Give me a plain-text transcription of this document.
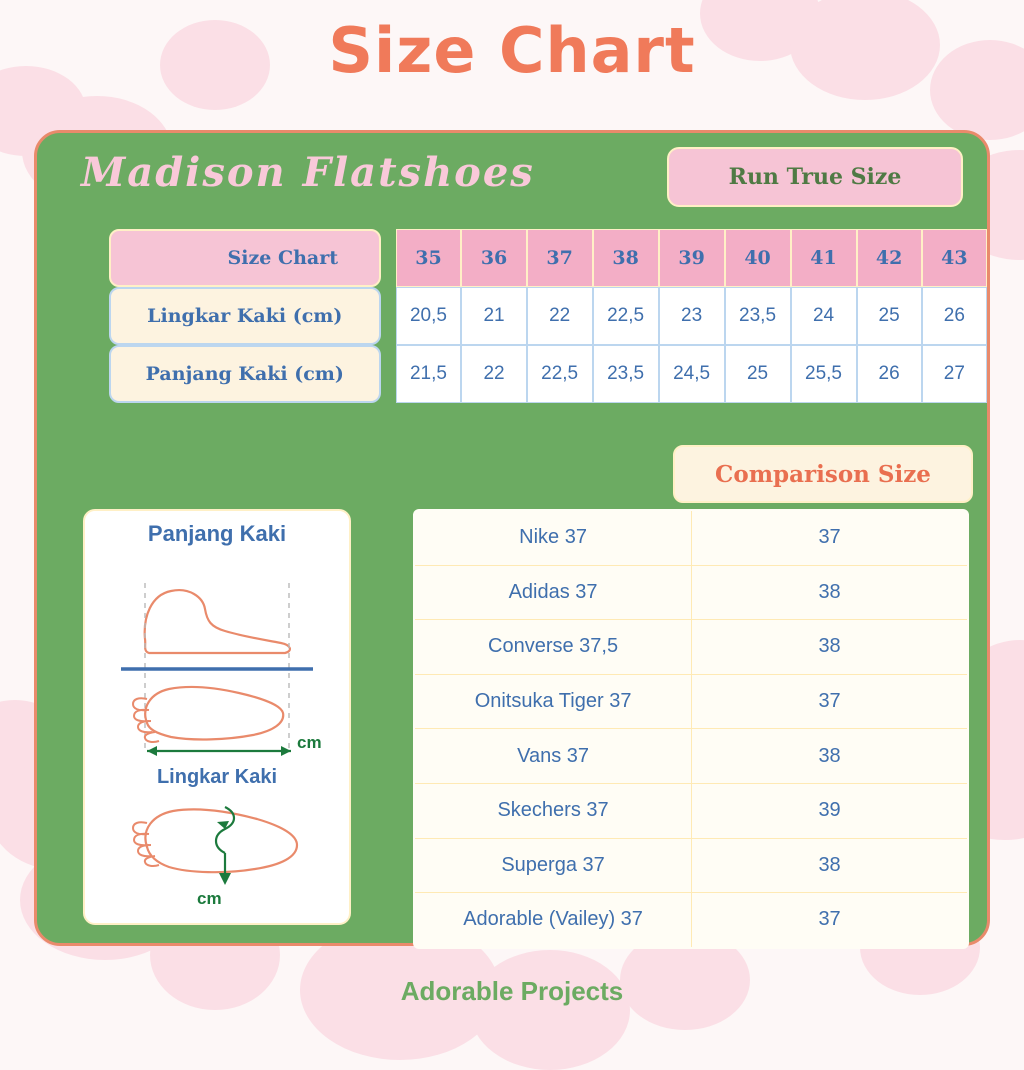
Size Chart
Madison Flatshoes	Run True Size
Size Chart		35	36	37	38	39	40	41	42	43
Lingkar Kaki (cm)		20,5	21	22	22,5	23	23,5	24	25	26
Panjang Kaki (cm)		21,5	22	22,5	23,5	24,5	25	25,5	26	27
Comparison Size
Nike 37	37
Adidas 37	38
Converse 37,5	38
Onitsuka Tiger 37	37
Vans 37	38
Skechers 37	39
Superga 37	38
Adorable (Vailey) 37	37
Panjang Kaki
cm
Lingkar Kaki
cm
Adorable Projects
